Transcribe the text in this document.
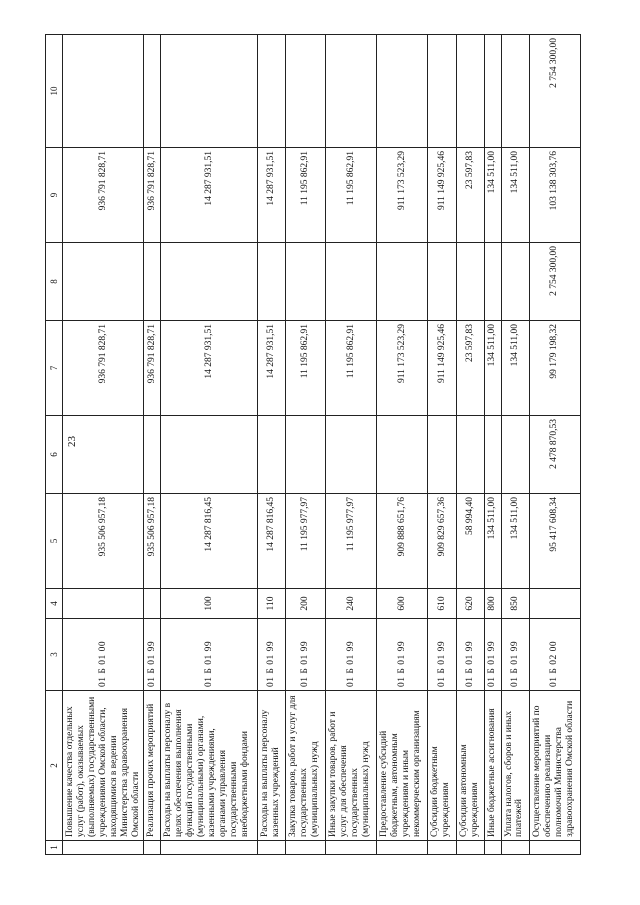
23
1	2	3	4	5	6	7	8	9	10
	Повышение качества отдельных услуг (работ), оказываемых (выполняемых) государственными учреждениями Омской области, находящимися в ведении Министерства здравоохранения Омской области	01 Б 01 00		935 506 957,18		936 791 828,71		936 791 828,71	
	Реализация прочих мероприятий	01 Б 01 99		935 506 957,18		936 791 828,71		936 791 828,71	
	Расходы на выплаты персоналу в целях обеспечения выполнения функций государственными (муниципальными) органами, казенными учреждениями, органами управления государственными внебюджетными фондами	01 Б 01 99	100	14 287 816,45		14 287 931,51		14 287 931,51	
	Расходы на выплаты персоналу казенных учреждений	01 Б 01 99	110	14 287 816,45		14 287 931,51		14 287 931,51	
	Закупка товаров, работ и услуг для государственных (муниципальных) нужд	01 Б 01 99	200	11 195 977,97		11 195 862,91		11 195 862,91	
	Иные закупки товаров, работ и услуг для обеспечения государственных (муниципальных) нужд	01 Б 01 99	240	11 195 977,97		11 195 862,91		11 195 862,91	
	Предоставление субсидий бюджетным, автономным учреждениям и иным некоммерческим организациям	01 Б 01 99	600	909 888 651,76		911 173 523,29		911 173 523,29	
	Субсидии бюджетным учреждениям	01 Б 01 99	610	909 829 657,36		911 149 925,46		911 149 925,46	
	Субсидии автономным учреждениям	01 Б 01 99	620	58 994,40		23 597,83		23 597,83	
	Иные бюджетные ассигнования	01 Б 01 99	800	134 511,00		134 511,00		134 511,00	
	Уплата налогов, сборов и иных платежей	01 Б 01 99	850	134 511,00		134 511,00		134 511,00	
	Осуществление мероприятий по обеспечению реализации полномочий Министерства здравоохранения Омской области	01 Б 02 00		95 417 608,34	2 478 870,53	99 179 198,32	2 754 300,00	103 138 303,76	2 754 300,00
